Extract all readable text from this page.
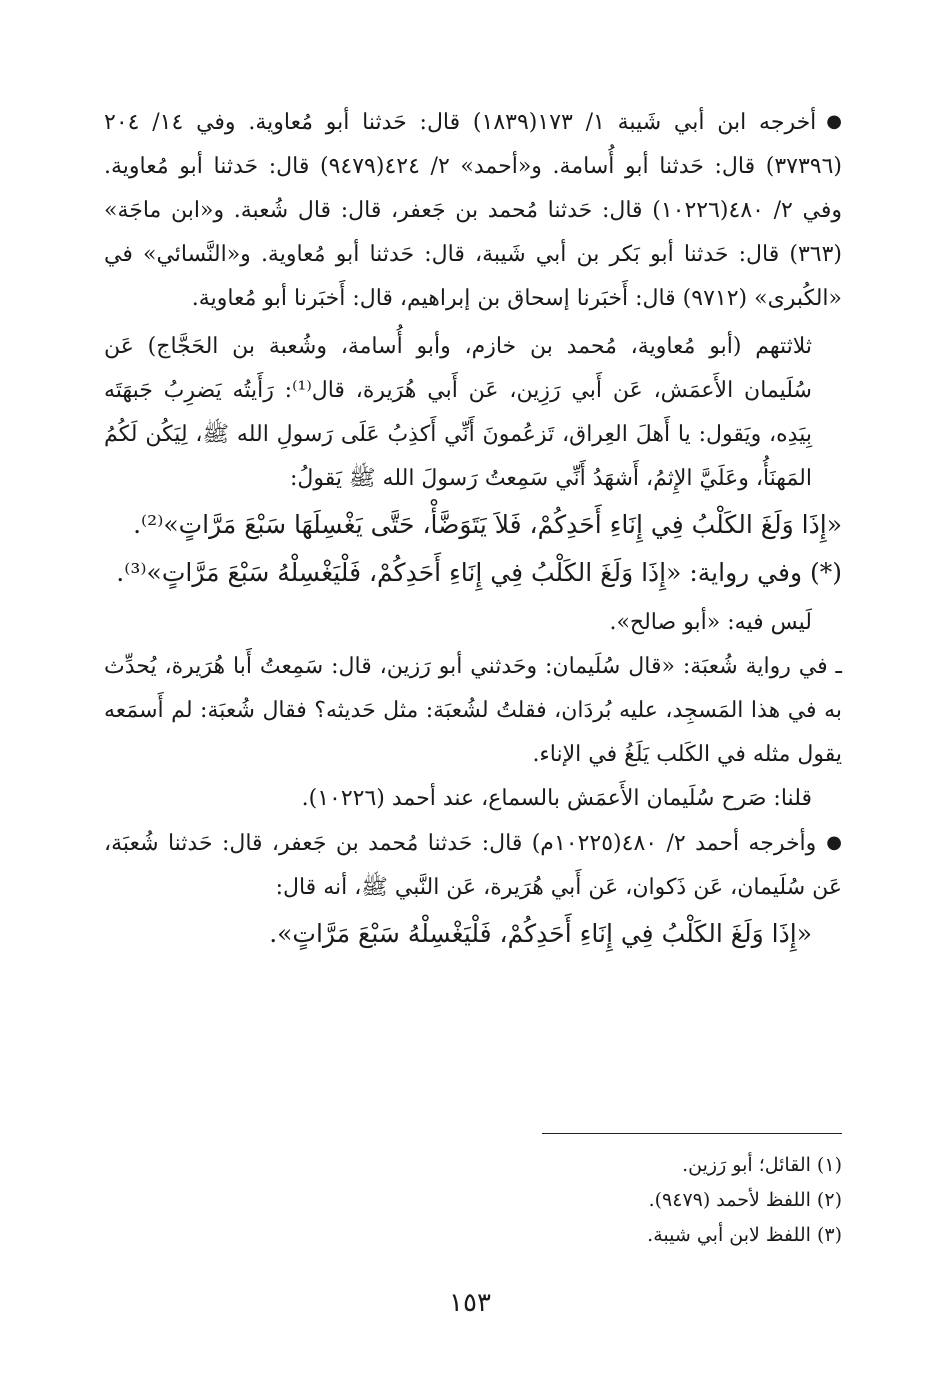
●أخرجه ابن أبي شَيبة ١/ ١٧٣(١٨٣٩) قال: حَدثنا أبو مُعاوية. وفي ١٤/ ٢٠٤ (٣٧٣٩٦) قال: حَدثنا أبو أُسامة. و«أحمد» ٢/ ٤٢٤(٩٤٧٩) قال: حَدثنا أبو مُعاوية. وفي ٢/ ٤٨٠(١٠٢٢٦) قال: حَدثنا مُحمد بن جَعفر، قال: قال شُعبة. و«ابن ماجَة» (٣٦٣) قال: حَدثنا أبو بَكر بن أبي شَيبة، قال: حَدثنا أبو مُعاوية. و«النَّسائي» في «الكُبرى» (٩٧١٢) قال: أَخبَرنا إسحاق بن إبراهيم، قال: أَخبَرنا أبو مُعاوية.

ثلاثتهم (أبو مُعاوية، مُحمد بن خازم، وأبو أُسامة، وشُعبة بن الحَجَّاج) عَن سُلَيمان الأَعمَش، عَن أَبي رَزِين، عَن أَبي هُرَيرة، قال⁽¹⁾: رَأَيتُه يَضرِبُ جَبهَتَه بِيَدِه، ويَقول: يا أَهلَ العِراق، تَزعُمونَ أَنِّي أَكذِبُ عَلَى رَسولِ الله ﷺ، لِيَكُن لَكُمُ المَهنَأُ، وعَلَيَّ الإِثمُ، أَشهَدُ أَنِّي سَمِعتُ رَسولَ الله ﷺ يَقولُ:

«إِذَا وَلَغَ الكَلْبُ فِي إِنَاءِ أَحَدِكُمْ، فَلاَ يَتَوَضَّأْ، حَتَّى يَغْسِلَهَا سَبْعَ مَرَّاتٍ»⁽²⁾.

(*) وفي رواية: «إِذَا وَلَغَ الكَلْبُ فِي إِنَاءِ أَحَدِكُمْ، فَلْيَغْسِلْهُ سَبْعَ مَرَّاتٍ»⁽³⁾.

لَيس فيه: «أبو صالح».

ـ في رواية شُعبَة: «قال سُلَيمان: وحَدثني أبو رَزين، قال: سَمِعتُ أَبا هُرَيرة، يُحدِّث به في هذا المَسجِد، عليه بُردَان، فقلتُ لشُعبَة: مثل حَديثه؟ فقال شُعبَة: لم أَسمَعه يقول مثله في الكَلب يَلَغُ في الإناء.

قلنا: صَرح سُلَيمان الأَعمَش بالسماع، عند أحمد (١٠٢٢٦).

●وأخرجه أحمد ٢/ ٤٨٠(١٠٢٢٥م) قال: حَدثنا مُحمد بن جَعفر، قال: حَدثنا شُعبَة، عَن سُلَيمان، عَن ذَكوان، عَن أَبي هُرَيرة، عَن النَّبي ﷺ، أنه قال:

«إِذَا وَلَغَ الكَلْبُ فِي إِنَاءِ أَحَدِكُمْ، فَلْيَغْسِلْهُ سَبْعَ مَرَّاتٍ».

(١) القائل؛ أبو رَزين.
(٢) اللفظ لأحمد (٩٤٧٩).
(٣) اللفظ لابن أبي شيبة.
١٥٣
